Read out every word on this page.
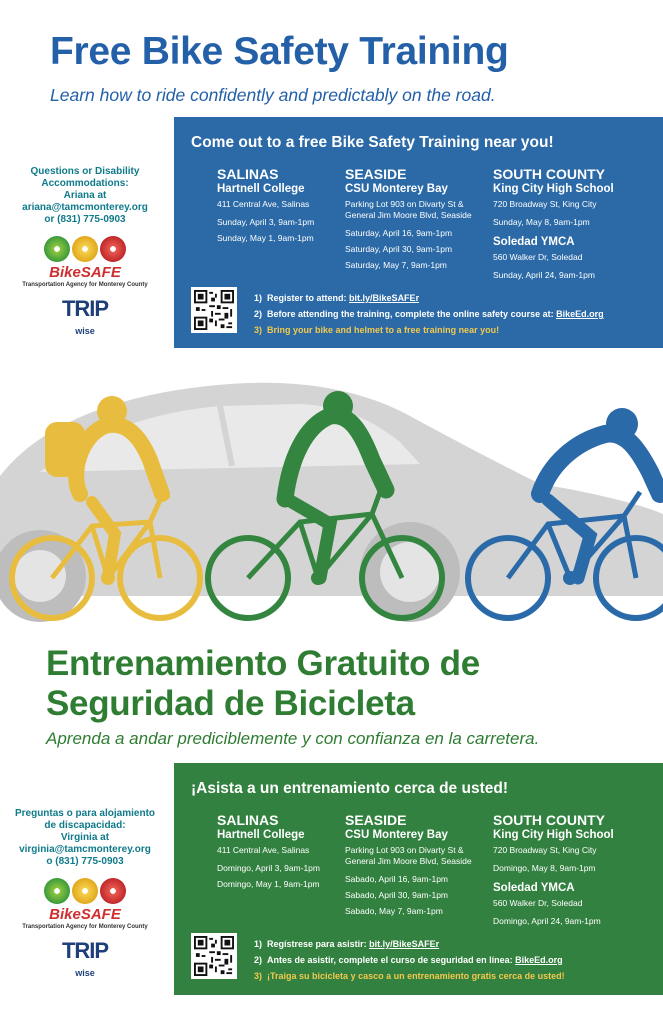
Free Bike Safety Training
Learn how to ride confidently and predictably on the road.
Questions or Disability
Accommodations:
Ariana at
ariana@tamcmonterey.org
or (831) 775-0903
BikeSAFE
Transportation Agency for Monterey County
TRIP
wise
Come out to a free Bike Safety Training near you!
SALINAS
Hartnell College
411 Central Ave, Salinas
Sunday, April 3, 9am-1pm
Sunday, May 1, 9am-1pm
SEASIDE
CSU Monterey Bay
Parking Lot 903 on Divarty St &
General Jim Moore Blvd, Seaside
Saturday, April 16, 9am-1pm
Saturday, April 30, 9am-1pm
Saturday, May 7, 9am-1pm
SOUTH COUNTY
King City High School
720 Broadway St, King City
Sunday, May 8, 9am-1pm
Soledad YMCA
560 Walker Dr, Soledad
Sunday, April 24, 9am-1pm
1) Register to attend: bit.ly/BikeSAFEr
2) Before attending the training, complete the online safety course at: BikeEd.org
3) Bring your bike and helmet to a free training near you!
Entrenamiento Gratuito de
Seguridad de Bicicleta
Aprenda a andar prediciblemente y con confianza en la carretera.
Preguntas o para alojamiento
de discapacidad:
Virginia at
virginia@tamcmonterey.org
o (831) 775-0903
BikeSAFE
Transportation Agency for Monterey County
TRIP
wise
¡Asista a un entrenamiento cerca de usted!
SALINAS
Hartnell College
411 Central Ave, Salinas
Domingo, April 3, 9am-1pm
Domingo, May 1, 9am-1pm
SEASIDE
CSU Monterey Bay
Parking Lot 903 on Divarty St &
General Jim Moore Blvd, Seaside
Sabado, April 16, 9am-1pm
Sabado, April 30, 9am-1pm
Sabado, May 7, 9am-1pm
SOUTH COUNTY
King City High School
720 Broadway St, King City
Domingo, May 8, 9am-1pm
Soledad YMCA
560 Walker Dr, Soledad
Domingo, April 24, 9am-1pm
1) Regístrese para asistir: bit.ly/BikeSAFEr
2) Antes de asistir, complete el curso de seguridad en línea: BikeEd.org
3) ¡Traiga su bicicleta y casco a un entrenamiento gratis cerca de usted!
